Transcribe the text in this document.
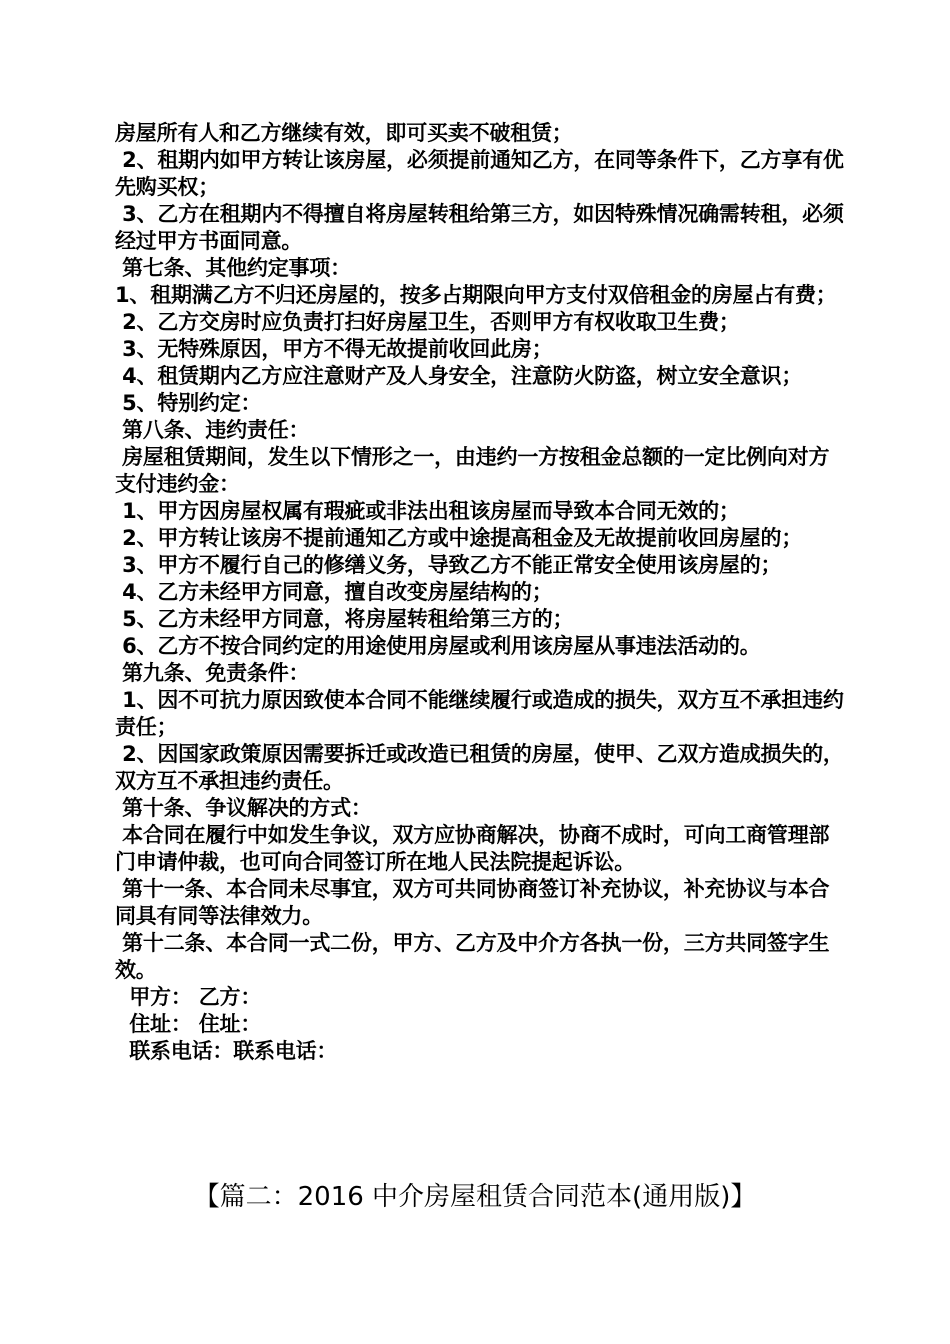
房屋所有人和乙方继续有效，即可买卖不破租赁；

2、租期内如甲方转让该房屋，必须提前通知乙方，在同等条件下，乙方享有优先购买权；

3、乙方在租期内不得擅自将房屋转租给第三方，如因特殊情况确需转租，必须经过甲方书面同意。

第七条、其他约定事项：

1、租期满乙方不归还房屋的，按多占期限向甲方支付双倍租金的房屋占有费；

2、乙方交房时应负责打扫好房屋卫生，否则甲方有权收取卫生费；

3、无特殊原因，甲方不得无故提前收回此房；

4、租赁期内乙方应注意财产及人身安全，注意防火防盗，树立安全意识；

5、特别约定：

第八条、违约责任：

房屋租赁期间，发生以下情形之一，由违约一方按租金总额的一定比例向对方支付违约金：

1、甲方因房屋权属有瑕疵或非法出租该房屋而导致本合同无效的；

2、甲方转让该房不提前通知乙方或中途提高租金及无故提前收回房屋的；

3、甲方不履行自己的修缮义务，导致乙方不能正常安全使用该房屋的；

4、乙方未经甲方同意，擅自改变房屋结构的；

5、乙方未经甲方同意，将房屋转租给第三方的；

6、乙方不按合同约定的用途使用房屋或利用该房屋从事违法活动的。

第九条、免责条件：

1、因不可抗力原因致使本合同不能继续履行或造成的损失，双方互不承担违约责任；

2、因国家政策原因需要拆迁或改造已租赁的房屋，使甲、乙双方造成损失的，双方互不承担违约责任。

第十条、争议解决的方式：

本合同在履行中如发生争议，双方应协商解决，协商不成时，可向工商管理部门申请仲裁，也可向合同签订所在地人民法院提起诉讼。

第十一条、本合同未尽事宜，双方可共同协商签订补充协议，补充协议与本合同具有同等法律效力。

第十二条、本合同一式二份，甲方、乙方及中介方各执一份，三方共同签字生效。

甲方： 乙方：

住址： 住址：

联系电话：联系电话：

【篇二：2016 中介房屋租赁合同范本(通用版)】
